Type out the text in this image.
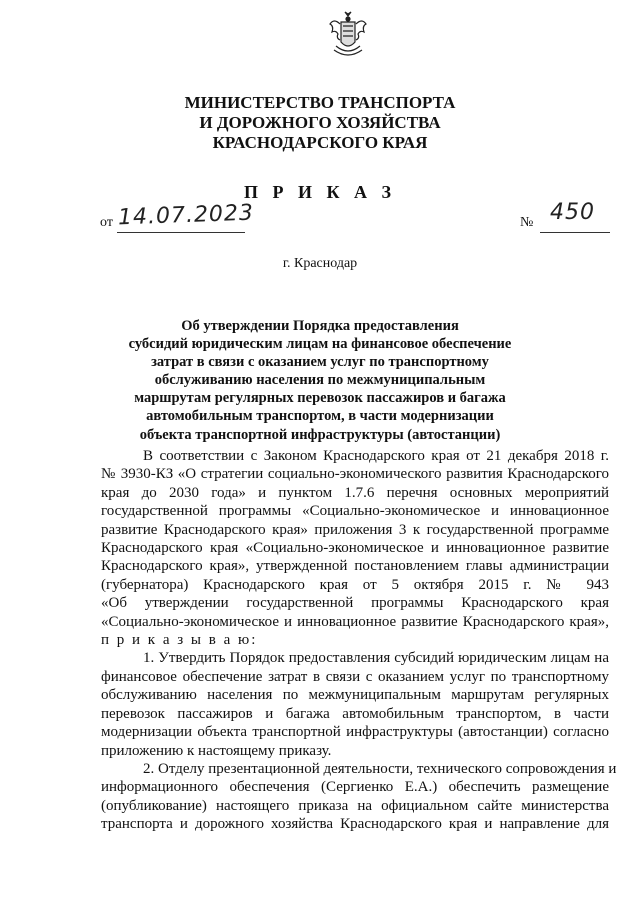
МИНИСТЕРСТВО ТРАНСПОРТА
И ДОРОЖНОГО ХОЗЯЙСТВА
КРАСНОДАРСКОГО КРАЯ
П Р И К А З
от 14.07.2023	№ 450
г. Краснодар
Об утверждении Порядка предоставления
субсидий юридическим лицам на финансовое обеспечение
затрат в связи с оказанием услуг по транспортному
обслуживанию населения по межмуниципальным
маршрутам регулярных перевозок пассажиров и багажа
автомобильным транспортом, в части модернизации
объекта транспортной инфраструктуры (автостанции)
В соответствии с Законом Краснодарского края от 21 декабря 2018 г.
№ 3930-КЗ «О стратегии социально-экономического развития Краснодарского
края до 2030 года» и пунктом 1.7.6 перечня основных мероприятий
государственной программы «Социально-экономическое и инновационное
развитие Краснодарского края» приложения 3 к государственной программе
Краснодарского края «Социально-экономическое и инновационное развитие
Краснодарского края», утвержденной постановлением главы администрации
(губернатора) Краснодарского края от 5 октября 2015 г. № 943
«Об утверждении государственной программы Краснодарского края
«Социально-экономическое и инновационное развитие Краснодарского края»,
п р и к а з ы в а ю:
1. Утвердить Порядок предоставления субсидий юридическим лицам на
финансовое обеспечение затрат в связи с оказанием услуг по транспортному
обслуживанию населения по межмуниципальным маршрутам регулярных
перевозок пассажиров и багажа автомобильным транспортом, в части
модернизации объекта транспортной инфраструктуры (автостанции) согласно
приложению к настоящему приказу.
2. Отделу презентационной деятельности, технического сопровождения и
информационного обеспечения (Сергиенко Е.А.) обеспечить размещение
(опубликование) настоящего приказа на официальном сайте министерства
транспорта и дорожного хозяйства Краснодарского края и направление для
